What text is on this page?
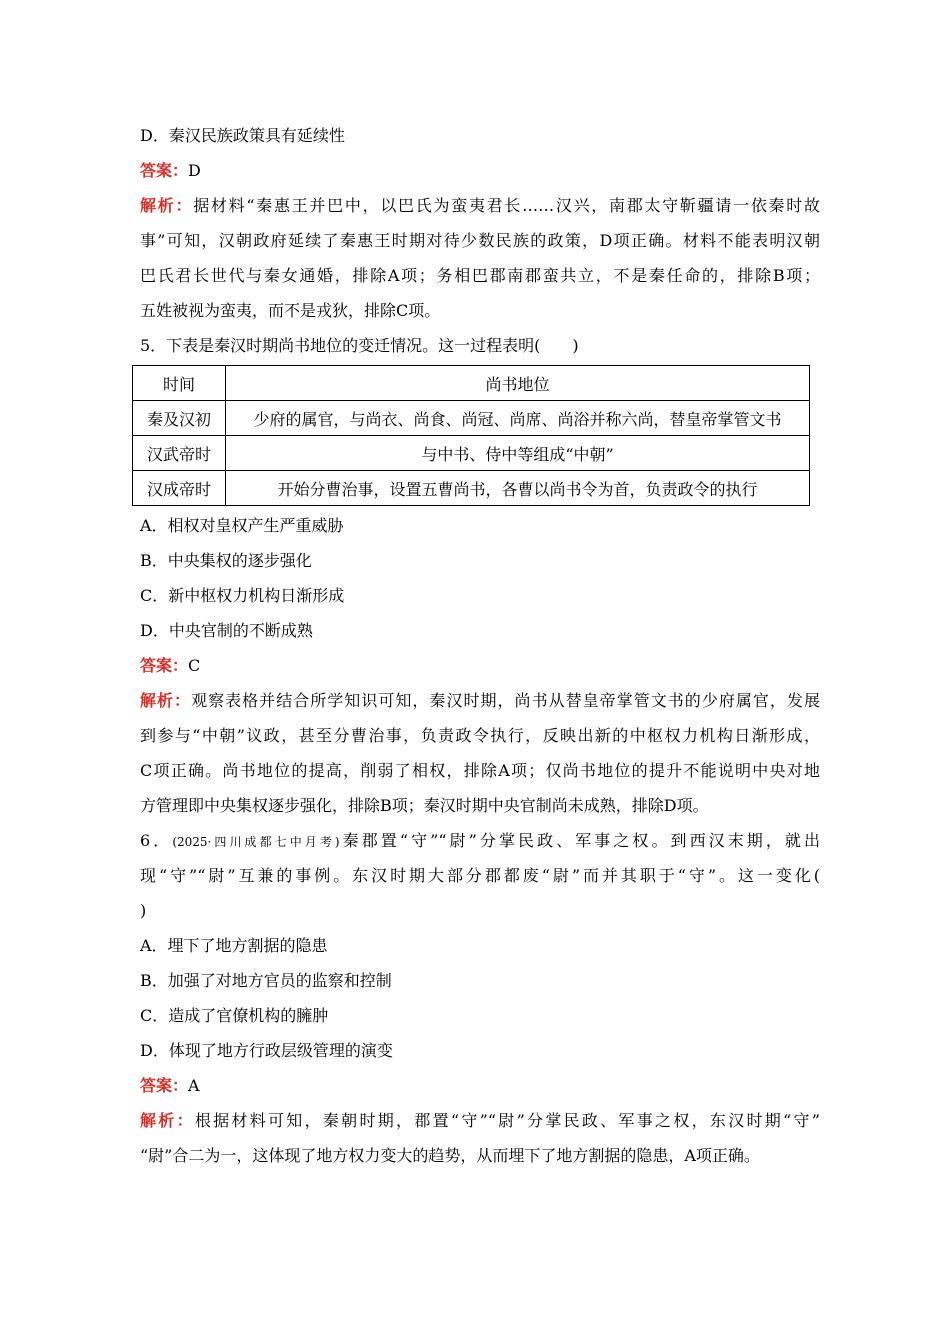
D．秦汉民族政策具有延续性
答案：D
解析：据材料“秦惠王并巴中，以巴氏为蛮夷君长……汉兴，南郡太守靳疆请一依秦时故
事”可知，汉朝政府延续了秦惠王时期对待少数民族的政策，D项正确。材料不能表明汉朝
巴氏君长世代与秦女通婚，排除A项；务相巴郡南郡蛮共立，不是秦任命的，排除B项；
五姓被视为蛮夷，而不是戎狄，排除C项。
5．下表是秦汉时期尚书地位的变迁情况。这一过程表明(　　)
时间	尚书地位
秦及汉初	少府的属官，与尚衣、尚食、尚冠、尚席、尚浴并称六尚，替皇帝掌管文书
汉武帝时	与中书、侍中等组成“中朝”
汉成帝时	开始分曹治事，设置五曹尚书，各曹以尚书令为首，负责政令的执行
A．相权对皇权产生严重威胁
B．中央集权的逐步强化
C．新中枢权力机构日渐形成
D．中央官制的不断成熟
答案：C
解析：观察表格并结合所学知识可知，秦汉时期，尚书从替皇帝掌管文书的少府属官，发展
到参与“中朝”议政，甚至分曹治事，负责政令执行，反映出新的中枢权力机构日渐形成，
C项正确。尚书地位的提高，削弱了相权，排除A项；仅尚书地位的提升不能说明中央对地
方管理即中央集权逐步强化，排除B项；秦汉时期中央官制尚未成熟，排除D项。
6．(2025·四川成都七中月考)秦郡置“守”“尉”分掌民政、军事之权。到西汉末期，就出
现“守”“尉”互兼的事例。东汉时期大部分郡都废“尉”而并其职于“守”。这一变化(
)
A．埋下了地方割据的隐患
B．加强了对地方官员的监察和控制
C．造成了官僚机构的臃肿
D．体现了地方行政层级管理的演变
答案：A
解析：根据材料可知，秦朝时期，郡置“守”“尉”分掌民政、军事之权，东汉时期“守”
“尉”合二为一，这体现了地方权力变大的趋势，从而埋下了地方割据的隐患，A项正确。
